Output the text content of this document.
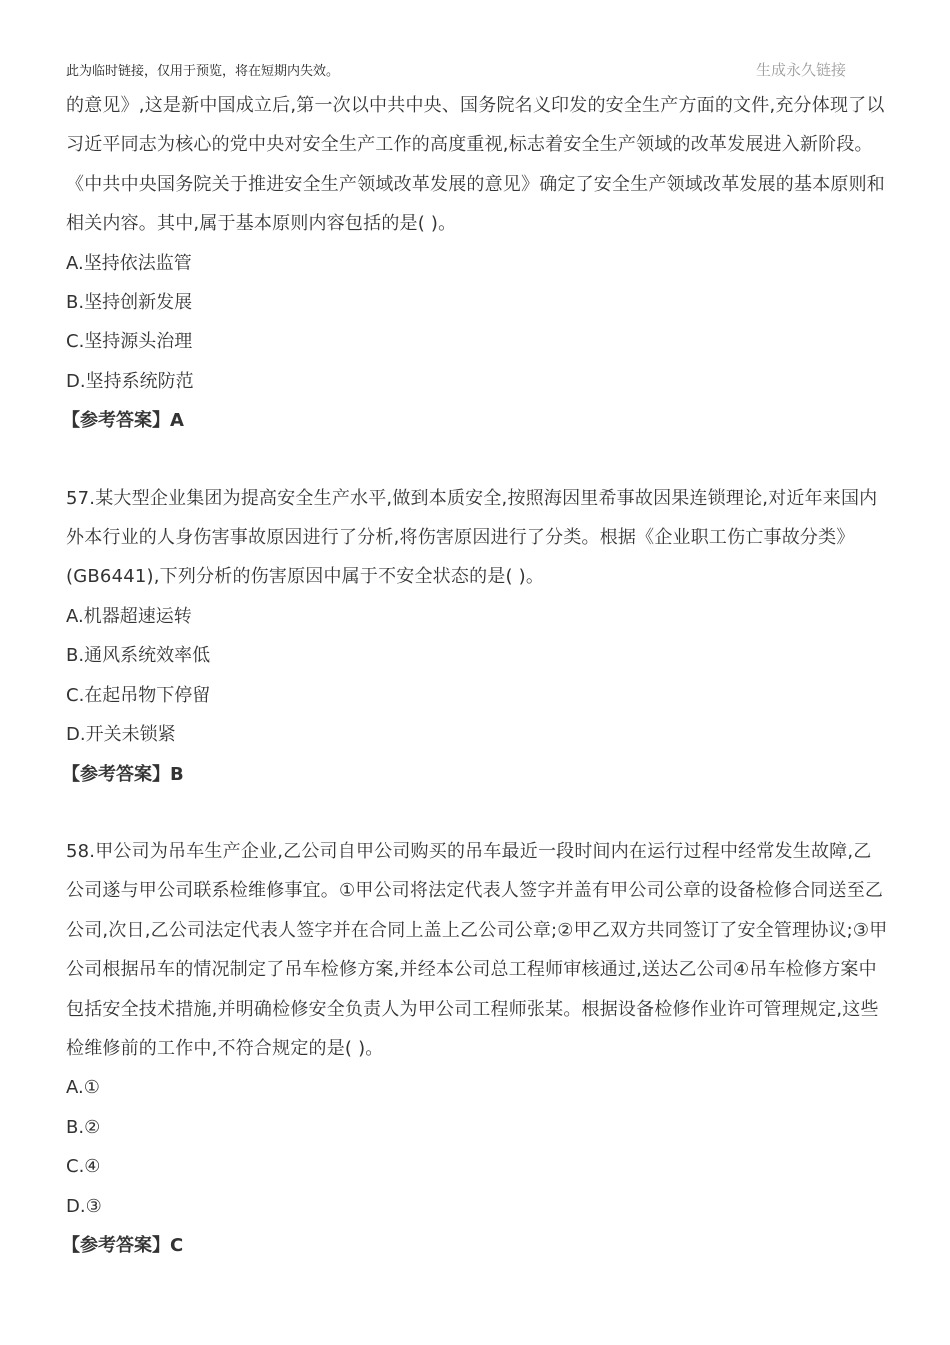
此为临时链接，仅用于预览，将在短期内失效。	生成永久链接

的意见》,这是新中国成立后,第一次以中共中央、国务院名义印发的安全生产方面的文件,充分体现了以习近平同志为核心的党中央对安全生产工作的高度重视,标志着安全生产领域的改革发展进入新阶段。《中共中央国务院关于推进安全生产领域改革发展的意见》确定了安全生产领域改革发展的基本原则和相关内容。其中,属于基本原则内容包括的是( )。

A.坚持依法监管

B.坚持创新发展

C.坚持源头治理

D.坚持系统防范

【参考答案】A

57.某大型企业集团为提高安全生产水平,做到本质安全,按照海因里希事故因果连锁理论,对近年来国内外本行业的人身伤害事故原因进行了分析,将伤害原因进行了分类。根据《企业职工伤亡事故分类》(GB6441),下列分析的伤害原因中属于不安全状态的是( )。

A.机器超速运转

B.通风系统效率低

C.在起吊物下停留

D.开关未锁紧

【参考答案】B

58.甲公司为吊车生产企业,乙公司自甲公司购买的吊车最近一段时间内在运行过程中经常发生故障,乙公司遂与甲公司联系检维修事宜。①甲公司将法定代表人签字并盖有甲公司公章的设备检修合同送至乙公司,次日,乙公司法定代表人签字并在合同上盖上乙公司公章;②甲乙双方共同签订了安全管理协议;③甲公司根据吊车的情况制定了吊车检修方案,并经本公司总工程师审核通过,送达乙公司④吊车检修方案中包括安全技术措施,并明确检修安全负责人为甲公司工程师张某。根据设备检修作业许可管理规定,这些检维修前的工作中,不符合规定的是( )。

A.①

B.②

C.④

D.③

【参考答案】C
